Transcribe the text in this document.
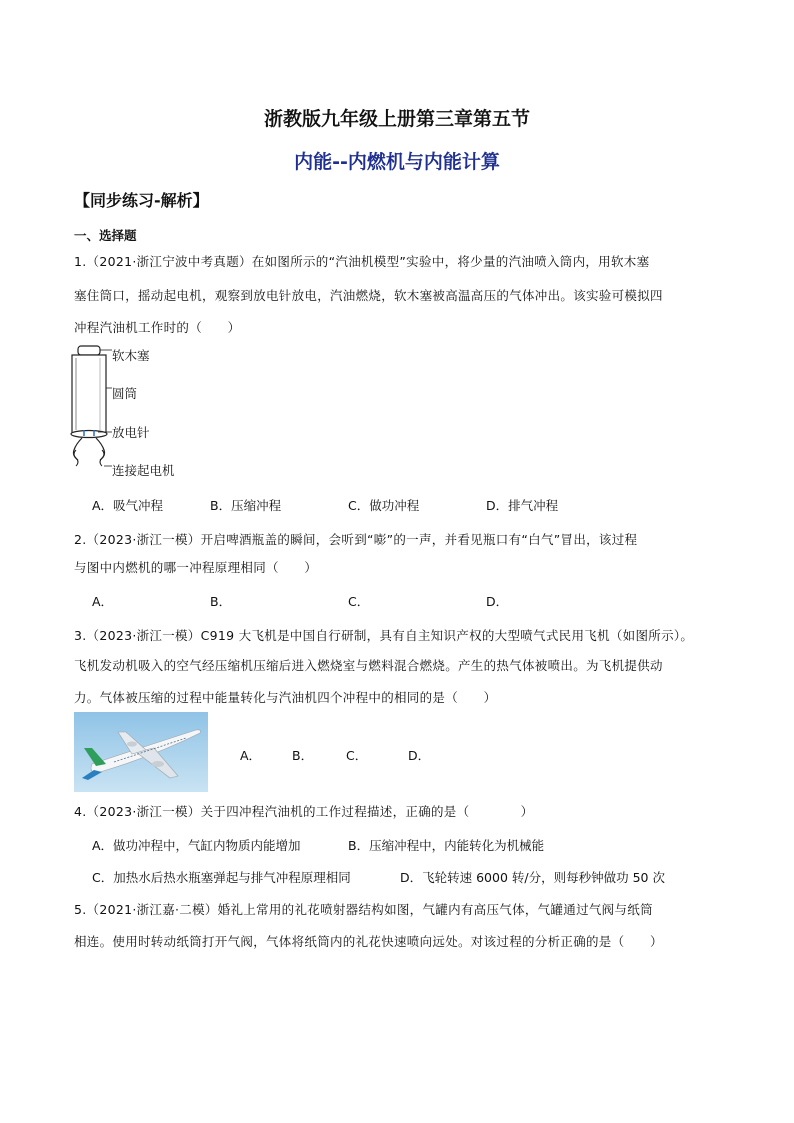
浙教版九年级上册第三章第五节
内能--内燃机与内能计算
【同步练习-解析】
一、选择题
1.（2021·浙江宁波中考真题）在如图所示的“汽油机模型”实验中，将少量的汽油喷入筒内，用软木塞
塞住筒口，摇动起电机，观察到放电针放电，汽油燃烧，软木塞被高温高压的气体冲出。该实验可模拟四
冲程汽油机工作时的（　　）
软木塞
圆筒
放电针
连接起电机
A．吸气冲程	B．压缩冲程	C．做功冲程	D．排气冲程
2.（2023·浙江一模）开启啤酒瓶盖的瞬间，会听到“嘭”的一声，并看见瓶口有“白气”冒出，该过程
与图中内燃机的哪一冲程原理相同（　　）
A．	B．	C．	D．
3.（2023·浙江一模）C919 大飞机是中国自行研制，具有自主知识产权的大型喷气式民用飞机（如图所示）。
飞机发动机吸入的空气经压缩机压缩后进入燃烧室与燃料混合燃烧。产生的热气体被喷出。为飞机提供动
力。气体被压缩的过程中能量转化与汽油机四个冲程中的相同的是（　　）
A． B．	C．	D．
4.（2023·浙江一模）关于四冲程汽油机的工作过程描述，正确的是（　　　　）
A．做功冲程中，气缸内物质内能增加	B．压缩冲程中，内能转化为机械能
C．加热水后热水瓶塞弹起与排气冲程原理相同	D．飞轮转速 6000 转/分，则每秒钟做功 50 次
5.（2021·浙江嘉·二模）婚礼上常用的礼花喷射器结构如图，气罐内有高压气体，气罐通过气阀与纸筒
相连。使用时转动纸筒打开气阀，气体将纸筒内的礼花快速喷向远处。对该过程的分析正确的是（　　）
